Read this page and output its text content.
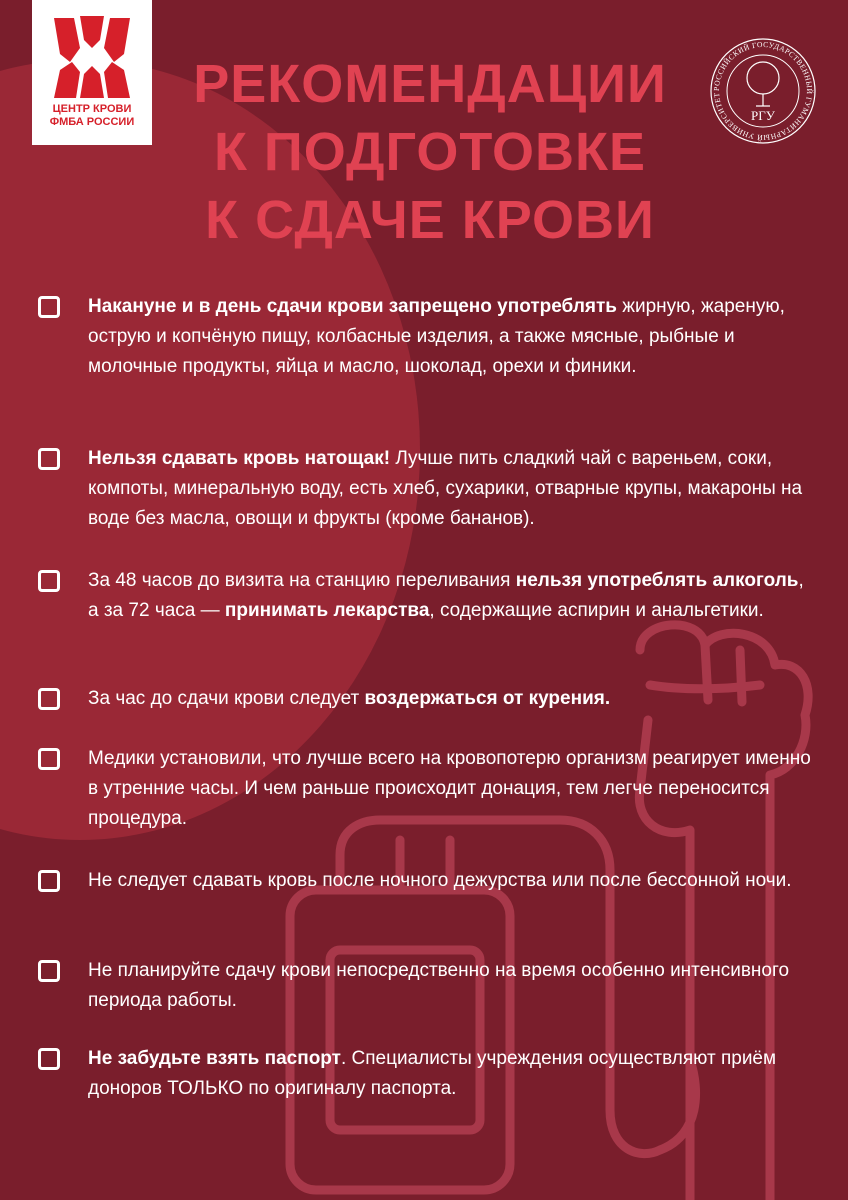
ЦЕНТР КРОВИ
ФМБА РОССИИ
РОССИЙСКИЙ ГОСУДАРСТВЕННЫЙ ГУМАНИТАРНЫЙ УНИВЕРСИТЕТ
РГУ
РЕКОМЕНДАЦИИ
К ПОДГОТОВКЕ
К СДАЧЕ КРОВИ
Накануне и в день сдачи крови запрещено употреблять жирную, жареную, острую и копчёную пищу, колбасные изделия, а также мясные, рыбные и молочные продукты, яйца и масло, шоколад, орехи и финики.
Нельзя сдавать кровь натощак! Лучше пить сладкий чай с вареньем, соки, компоты, минеральную воду, есть хлеб, сухарики, отварные крупы, макароны на воде без масла, овощи и фрукты (кроме бананов).
За 48 часов до визита на станцию переливания нельзя употреблять алкоголь, а за 72 часа — принимать лекарства, содержащие аспирин и анальгетики.
За час до сдачи крови следует воздержаться от курения.
Медики установили, что лучше всего на кровопотерю организм реагирует именно в утренние часы. И чем раньше происходит донация, тем легче переносится процедура.
Не следует сдавать кровь после ночного дежурства или после бессонной ночи.
Не планируйте сдачу крови непосредственно на время особенно интенсивного периода работы.
Не забудьте взять паспорт. Специалисты учреждения осуществляют приём доноров ТОЛЬКО по оригиналу паспорта.
